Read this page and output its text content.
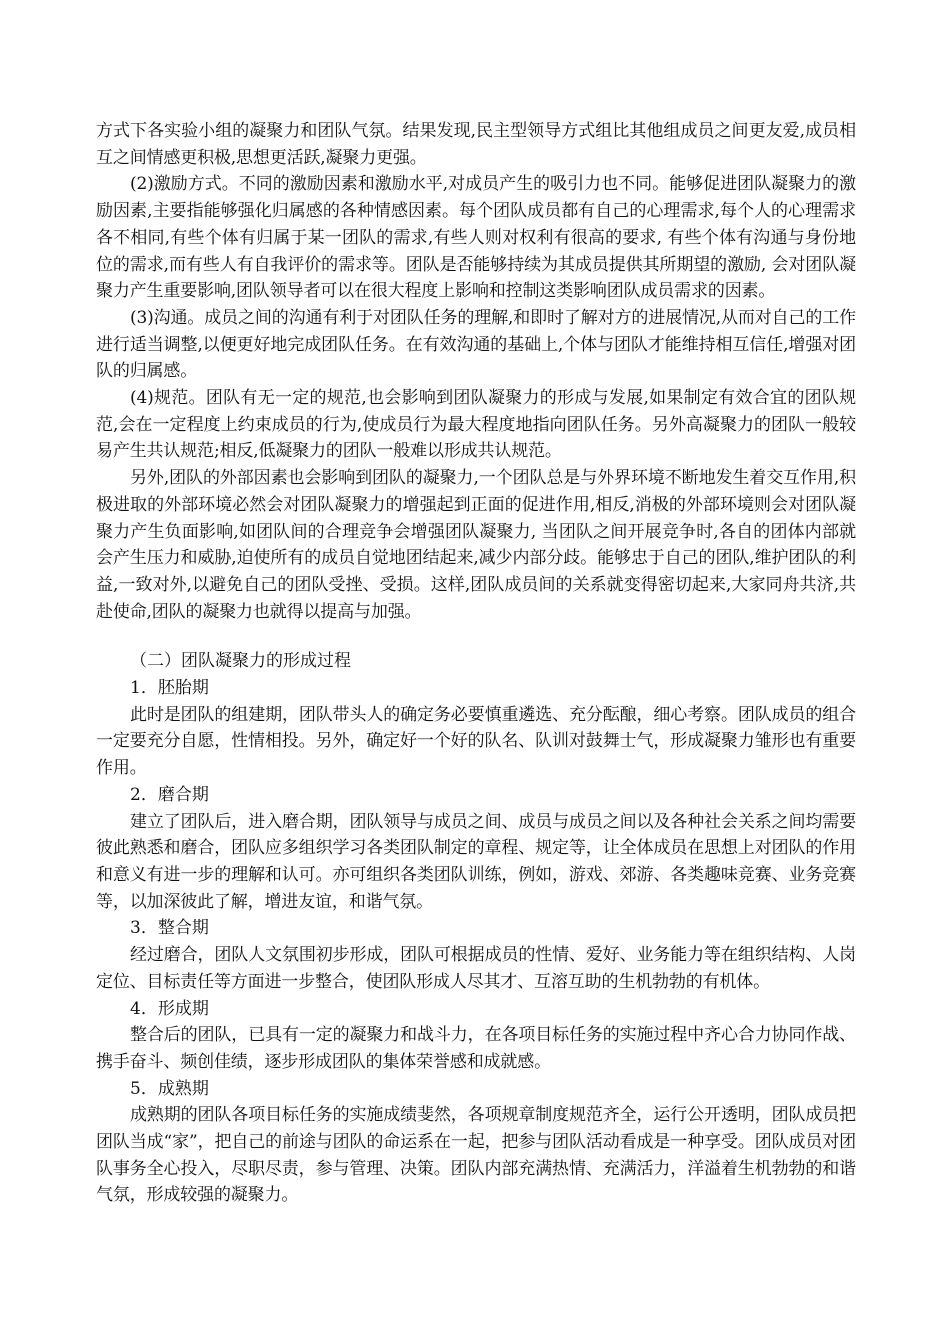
方式下各实验小组的凝聚力和团队气氛。结果发现,民主型领导方式组比其他组成员之间更友爱,成员相互之间情感更积极,思想更活跃,凝聚力更强。

(2)激励方式。不同的激励因素和激励水平,对成员产生的吸引力也不同。能够促进团队凝聚力的激励因素,主要指能够强化归属感的各种情感因素。每个团队成员都有自己的心理需求,每个人的心理需求各不相同,有些个体有归属于某一团队的需求,有些人则对权利有很高的要求, 有些个体有沟通与身份地位的需求,而有些人有自我评价的需求等。团队是否能够持续为其成员提供其所期望的激励, 会对团队凝聚力产生重要影响,团队领导者可以在很大程度上影响和控制这类影响团队成员需求的因素。

(3)沟通。成员之间的沟通有利于对团队任务的理解,和即时了解对方的进展情况,从而对自己的工作进行适当调整,以便更好地完成团队任务。在有效沟通的基础上,个体与团队才能维持相互信任,增强对团队的归属感。

(4)规范。团队有无一定的规范,也会影响到团队凝聚力的形成与发展,如果制定有效合宜的团队规范,会在一定程度上约束成员的行为,使成员行为最大程度地指向团队任务。另外高凝聚力的团队一般较易产生共认规范;相反,低凝聚力的团队一般难以形成共认规范。

另外,团队的外部因素也会影响到团队的凝聚力,一个团队总是与外界环境不断地发生着交互作用,积极进取的外部环境必然会对团队凝聚力的增强起到正面的促进作用,相反,消极的外部环境则会对团队凝聚力产生负面影响,如团队间的合理竞争会增强团队凝聚力, 当团队之间开展竞争时,各自的团体内部就会产生压力和威胁,迫使所有的成员自觉地团结起来,减少内部分歧。能够忠于自己的团队,维护团队的利益,一致对外,以避免自己的团队受挫、受损。这样,团队成员间的关系就变得密切起来,大家同舟共济,共赴使命,团队的凝聚力也就得以提高与加强。

（二）团队凝聚力的形成过程

1．胚胎期

此时是团队的组建期，团队带头人的确定务必要慎重遴选、充分酝酿，细心考察。团队成员的组合一定要充分自愿，性情相投。另外，确定好一个好的队名、队训对鼓舞士气，形成凝聚力雏形也有重要作用。

2．磨合期

建立了团队后，进入磨合期，团队领导与成员之间、成员与成员之间以及各种社会关系之间均需要彼此熟悉和磨合，团队应多组织学习各类团队制定的章程、规定等，让全体成员在思想上对团队的作用和意义有进一步的理解和认可。亦可组织各类团队训练，例如，游戏、郊游、各类趣味竞赛、业务竞赛等，以加深彼此了解，增进友谊，和谐气氛。

3．整合期

经过磨合，团队人文氛围初步形成，团队可根据成员的性情、爱好、业务能力等在组织结构、人岗定位、目标责任等方面进一步整合，使团队形成人尽其才、互溶互助的生机勃勃的有机体。

4．形成期

整合后的团队，已具有一定的凝聚力和战斗力，在各项目标任务的实施过程中齐心合力协同作战、携手奋斗、频创佳绩，逐步形成团队的集体荣誉感和成就感。

5．成熟期

成熟期的团队各项目标任务的实施成绩斐然，各项规章制度规范齐全，运行公开透明，团队成员把团队当成“家”，把自己的前途与团队的命运系在一起，把参与团队活动看成是一种享受。团队成员对团队事务全心投入，尽职尽责，参与管理、决策。团队内部充满热情、充满活力，洋溢着生机勃勃的和谐气氛，形成较强的凝聚力。
